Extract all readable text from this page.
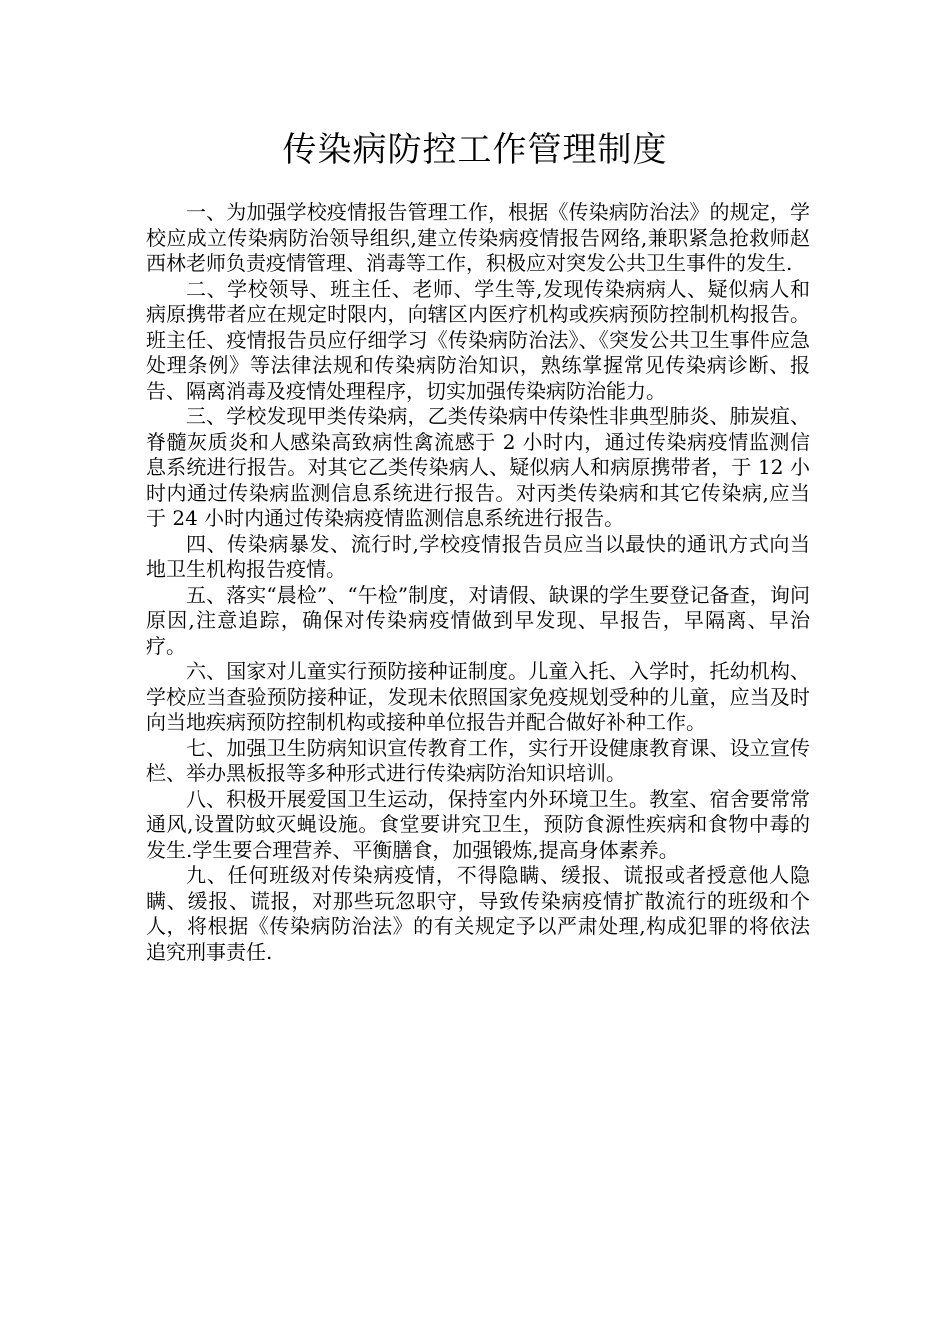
传染病防控工作管理制度

一、为加强学校疫情报告管理工作，根据《传染病防治法》的规定，学校应成立传染病防治领导组织,建立传染病疫情报告网络,兼职紧急抢救师赵西林老师负责疫情管理、消毒等工作，积极应对突发公共卫生事件的发生.

二、学校领导、班主任、老师、学生等,发现传染病病人、疑似病人和病原携带者应在规定时限内，向辖区内医疗机构或疾病预防控制机构报告。班主任、疫情报告员应仔细学习《传染病防治法》、《突发公共卫生事件应急处理条例》等法律法规和传染病防治知识，熟练掌握常见传染病诊断、报告、隔离消毒及疫情处理程序，切实加强传染病防治能力。

三、学校发现甲类传染病，乙类传染病中传染性非典型肺炎、肺炭疽、脊髓灰质炎和人感染高致病性禽流感于 2 小时内，通过传染病疫情监测信息系统进行报告。对其它乙类传染病人、疑似病人和病原携带者，于 12 小时内通过传染病监测信息系统进行报告。对丙类传染病和其它传染病,应当于 24 小时内通过传染病疫情监测信息系统进行报告。

四、传染病暴发、流行时,学校疫情报告员应当以最快的通讯方式向当地卫生机构报告疫情。

五、落实“晨检”、“午检”制度，对请假、缺课的学生要登记备查，询问原因,注意追踪，确保对传染病疫情做到早发现、早报告，早隔离、早治疗。

六、国家对儿童实行预防接种证制度。儿童入托、入学时，托幼机构、学校应当查验预防接种证，发现未依照国家免疫规划受种的儿童，应当及时向当地疾病预防控制机构或接种单位报告并配合做好补种工作。

七、加强卫生防病知识宣传教育工作，实行开设健康教育课、设立宣传栏、举办黑板报等多种形式进行传染病防治知识培训。

八、积极开展爱国卫生运动，保持室内外环境卫生。教室、宿舍要常常通风,设置防蚊灭蝇设施。食堂要讲究卫生，预防食源性疾病和食物中毒的发生.学生要合理营养、平衡膳食，加强锻炼,提高身体素养。

九、任何班级对传染病疫情，不得隐瞒、缓报、谎报或者授意他人隐瞒、缓报、谎报，对那些玩忽职守，导致传染病疫情扩散流行的班级和个人，将根据《传染病防治法》的有关规定予以严肃处理,构成犯罪的将依法追究刑事责任.
